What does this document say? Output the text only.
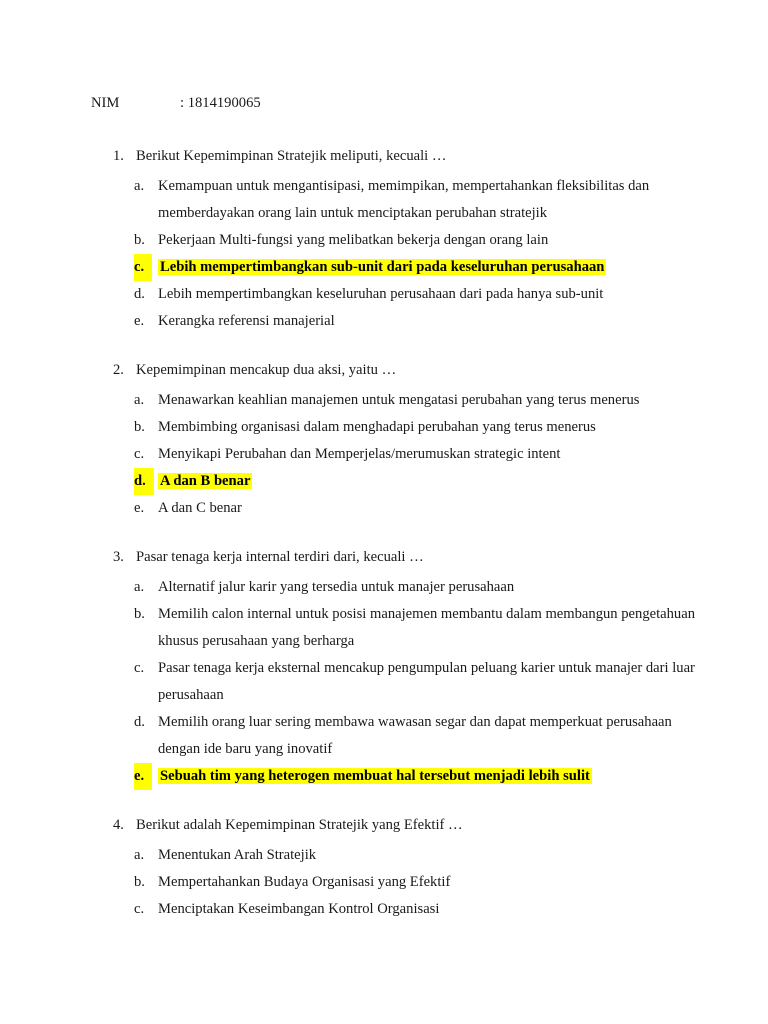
NIM	: 1814190065
1. Berikut Kepemimpinan Stratejik meliputi, kecuali …
a. Kemampuan untuk mengantisipasi, memimpikan, mempertahankan fleksibilitas dan memberdayakan orang lain untuk menciptakan perubahan stratejik
b. Pekerjaan Multi-fungsi yang melibatkan bekerja dengan orang lain
c.	Lebih mempertimbangkan sub-unit dari pada keseluruhan perusahaan
d. Lebih mempertimbangkan keseluruhan perusahaan dari pada hanya sub-unit
e. Kerangka referensi manajerial
2. Kepemimpinan mencakup dua aksi, yaitu …
a. Menawarkan keahlian manajemen untuk mengatasi perubahan yang terus menerus
b. Membimbing organisasi dalam menghadapi perubahan yang terus menerus
c. Menyikapi Perubahan dan Memperjelas/merumuskan strategic intent
d. A dan B benar
e. A dan C benar
3. Pasar tenaga kerja internal terdiri dari, kecuali …
a. Alternatif jalur karir yang tersedia untuk manajer perusahaan
b. Memilih calon internal untuk posisi manajemen membantu dalam membangun pengetahuan khusus perusahaan yang berharga
c. Pasar tenaga kerja eksternal mencakup pengumpulan peluang karier untuk manajer dari luar perusahaan
d. Memilih orang luar sering membawa wawasan segar dan dapat memperkuat perusahaan dengan ide baru yang inovatif
e.	Sebuah tim yang heterogen membuat hal tersebut menjadi lebih sulit
4. Berikut adalah Kepemimpinan Stratejik yang Efektif …
a. Menentukan Arah Stratejik
b. Mempertahankan Budaya Organisasi yang Efektif
c. Menciptakan Keseimbangan Kontrol Organisasi
